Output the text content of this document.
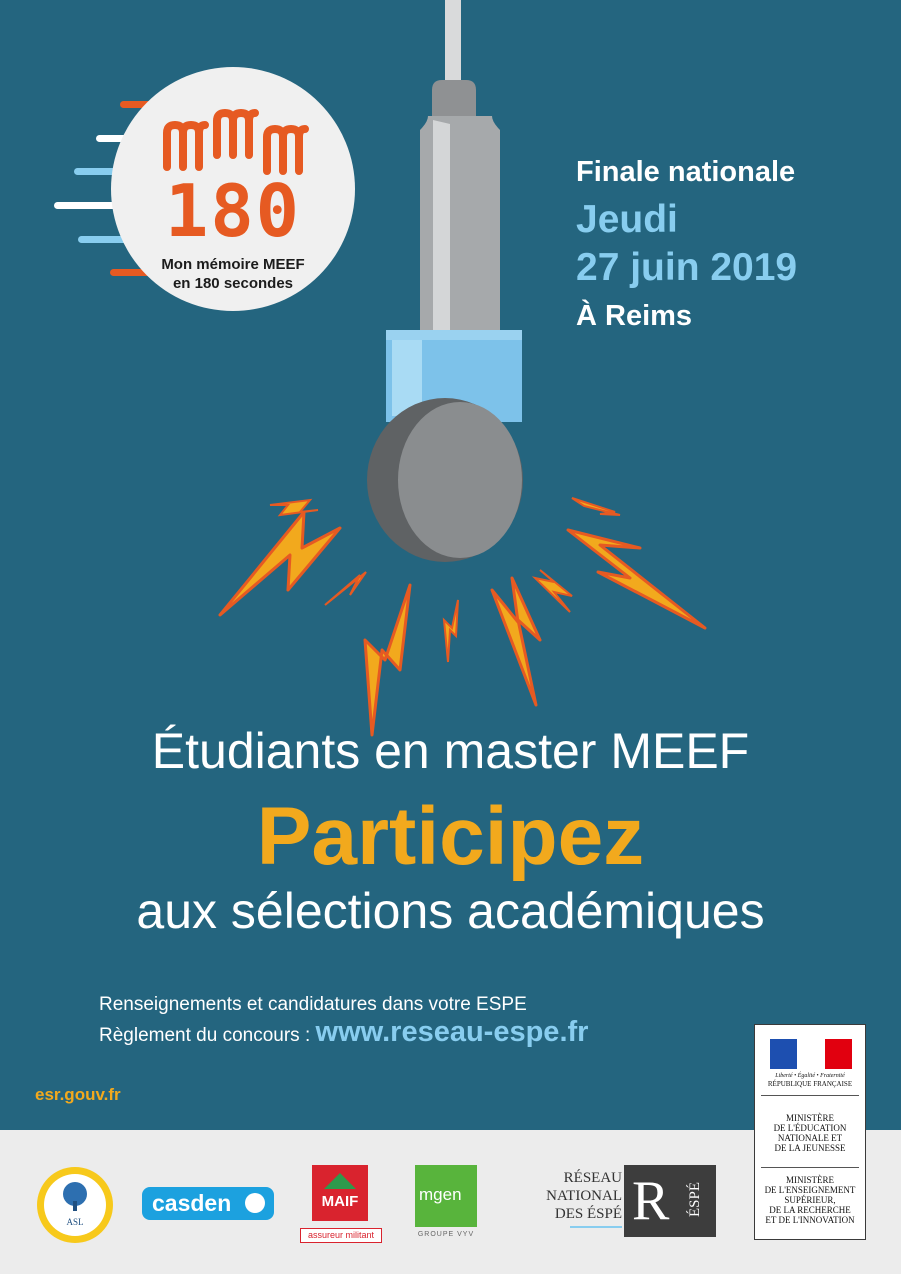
180
Mon mémoire MEEF
en 180 secondes
Finale nationale
Jeudi
27 juin 2019
À Reims
Étudiants en master MEEF
Participez
aux sélections académiques
Renseignements et candidatures dans votre ESPE
Règlement du concours : www.reseau-espe.fr
esr.gouv.fr
ASL
casden	MAIF
assureur militant
mgen
GROUPE VYV
RÉSEAU
NATIONAL
DES ÉSPÉ R ÉSPÉ
Liberté • Égalité • Fraternité
RÉPUBLIQUE FRANÇAISE
MINISTÈRE
DE L'ÉDUCATION
NATIONALE ET
DE LA JEUNESSE
MINISTÈRE
DE L'ENSEIGNEMENT
SUPÉRIEUR,
DE LA RECHERCHE
ET DE L'INNOVATION
